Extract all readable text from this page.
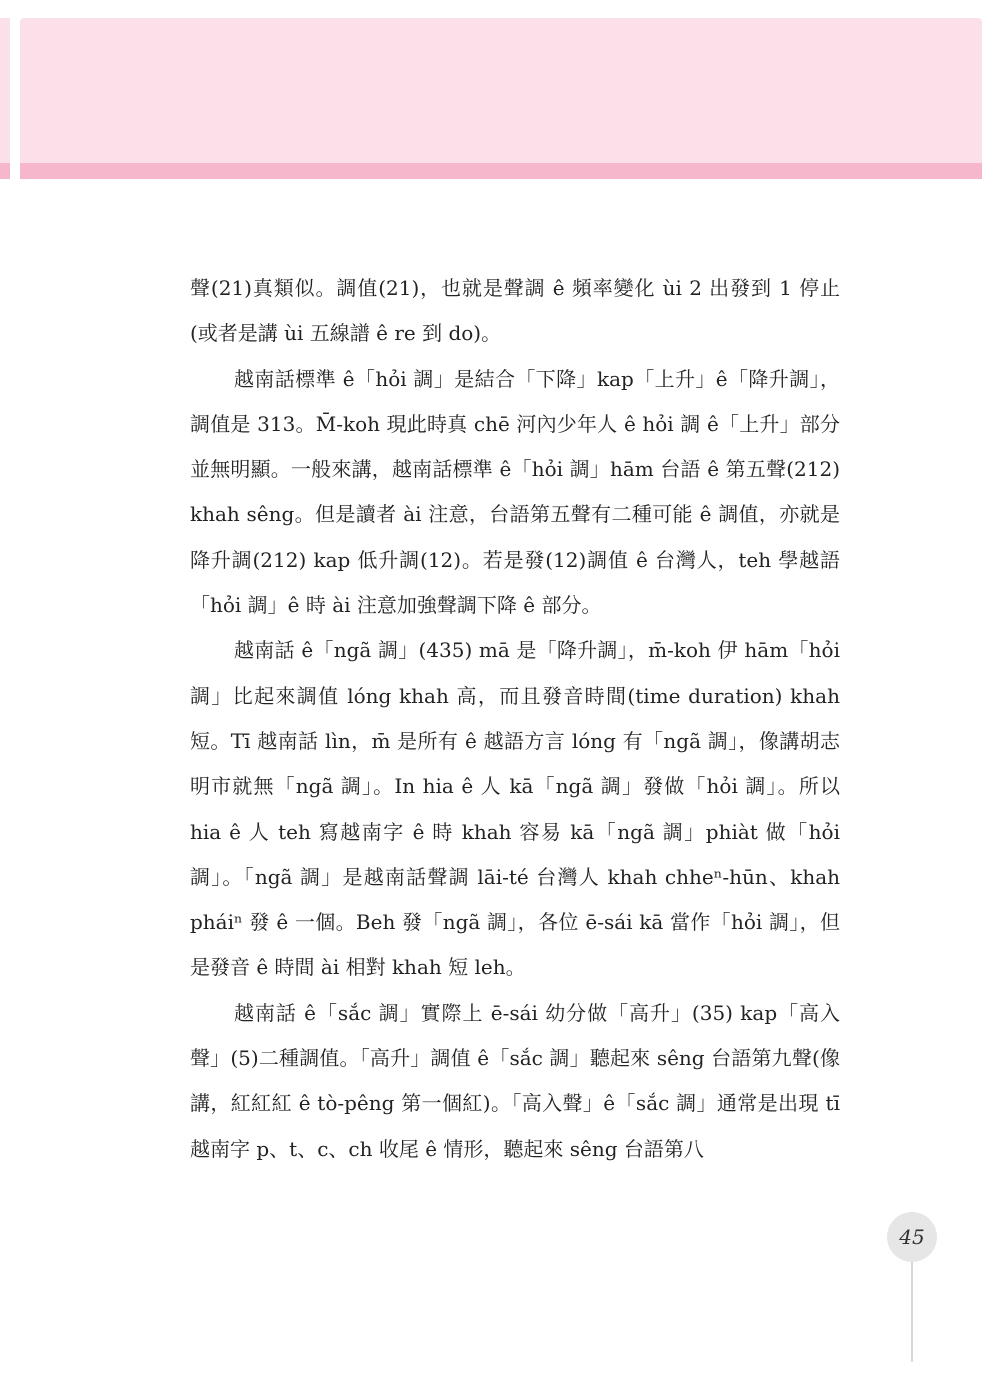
聲(21)真類似。調值(21)，也就是聲調 ê 頻率變化 ùi 2 出發到 1 停止(或者是講 ùi 五線譜 ê re 到 do)。

越南話標準 ê「hỏi 調」是結合「下降」kap「上升」ê「降升調」，調值是 313。M̄-koh 現此時真 chē 河內少年人 ê hỏi 調 ê「上升」部分並無明顯。一般來講，越南話標準 ê「hỏi 調」hām 台語 ê 第五聲(212) khah sêng。但是讀者 ài 注意，台語第五聲有二種可能 ê 調值，亦就是降升調(212) kap 低升調(12)。若是發(12)調值 ê 台灣人，teh 學越語「hỏi 調」ê 時 ài 注意加強聲調下降 ê 部分。

越南話 ê「ngã 調」(435) mā 是「降升調」，m̄-koh 伊 hām「hỏi 調」比起來調值 lóng khah 高，而且發音時間(time duration) khah 短。Tī 越南話 lìn，m̄ 是所有 ê 越語方言 lóng 有「ngã 調」，像講胡志明市就無「ngã 調」。In hia ê 人 kā「ngã 調」發做「hỏi 調」。所以 hia ê 人 teh 寫越南字 ê 時 khah 容易 kā「ngã 調」phiàt 做「hỏi 調」。「ngã 調」是越南話聲調 lāi-té 台灣人 khah chheⁿ-hūn、khah pháiⁿ 發 ê 一個。Beh 發「ngã 調」，各位 ē-sái kā 當作「hỏi 調」，但是發音 ê 時間 ài 相對 khah 短 leh。

越南話 ê「sắc 調」實際上 ē-sái 幼分做「高升」(35) kap「高入聲」(5)二種調值。「高升」調值 ê「sắc 調」聽起來 sêng 台語第九聲(像講，紅紅紅 ê tò-pêng 第一個紅)。「高入聲」ê「sắc 調」通常是出現 tī 越南字 p、t、c、ch 收尾 ê 情形，聽起來 sêng 台語第八

45
